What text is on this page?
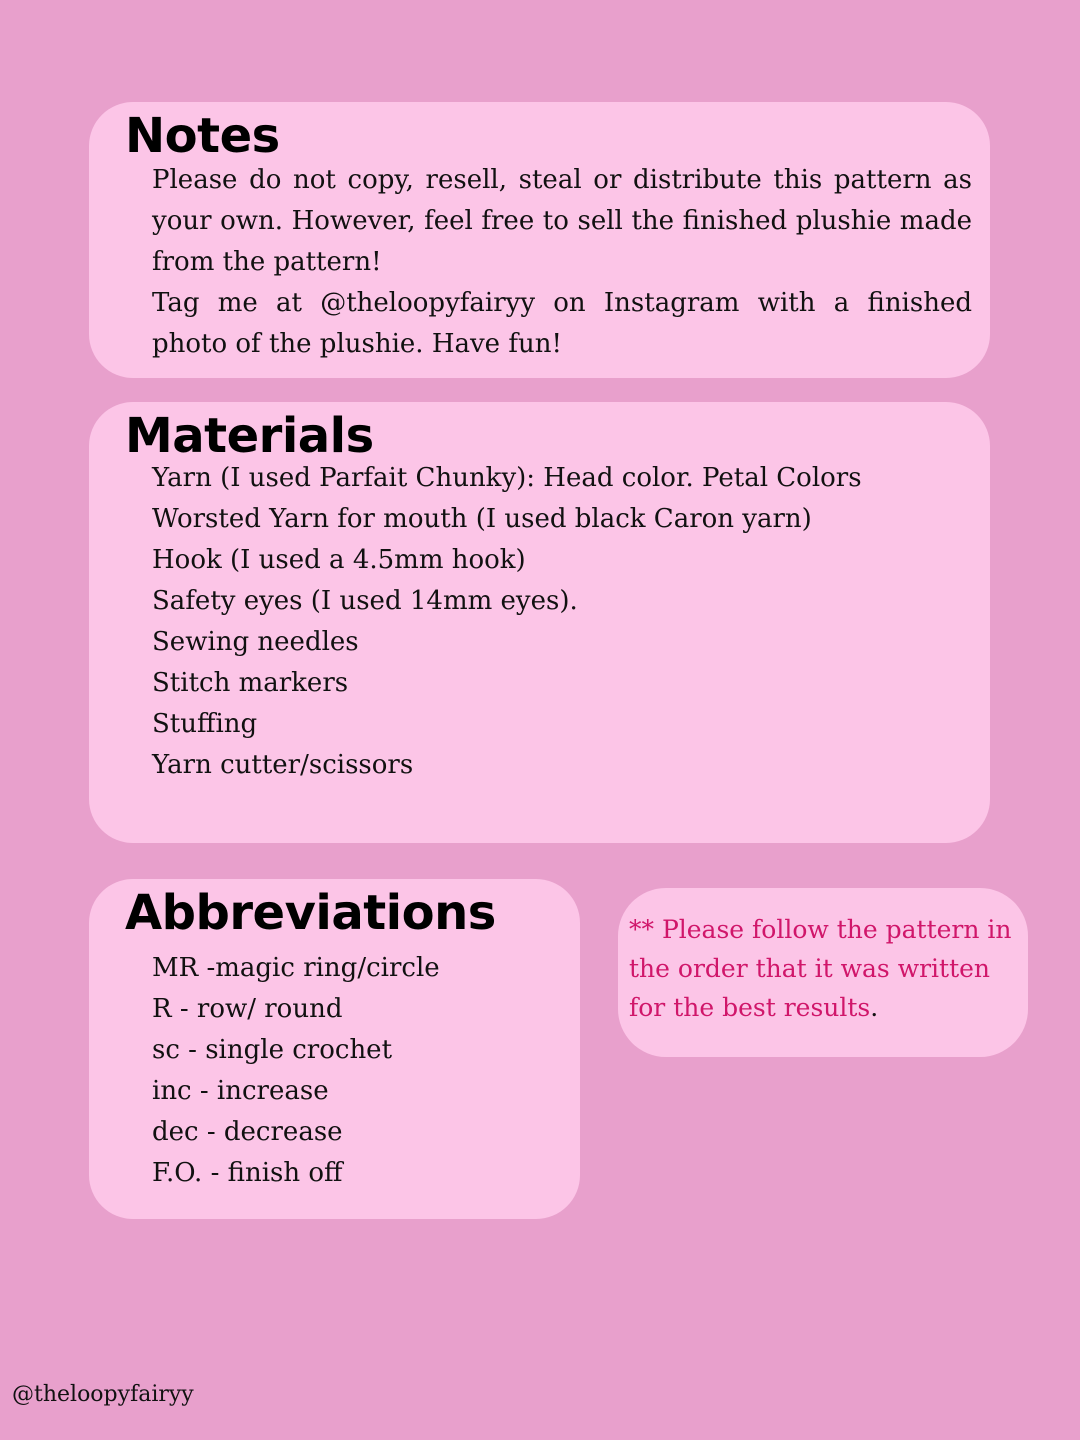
Notes

Please do not copy, resell, steal or distribute this pattern as your own. However, feel free to sell the finished plushie made from the pattern!

Tag me at @theloopyfairyy on Instagram with a finished photo of the plushie. Have fun!

Materials
Yarn (I used Parfait Chunky): Head color. Petal Colors
Worsted Yarn for mouth (I used black Caron yarn)
Hook (I used a 4.5mm hook)
Safety eyes (I used 14mm eyes).
Sewing needles
Stitch markers
Stuffing
Yarn cutter/scissors
Abbreviations
MR -magic ring/circle
R - row/ round
sc - single crochet
inc - increase
dec - decrease
F.O. - finish off

** Please follow the pattern in the order that it was written for the best results.

@theloopyfairyy
